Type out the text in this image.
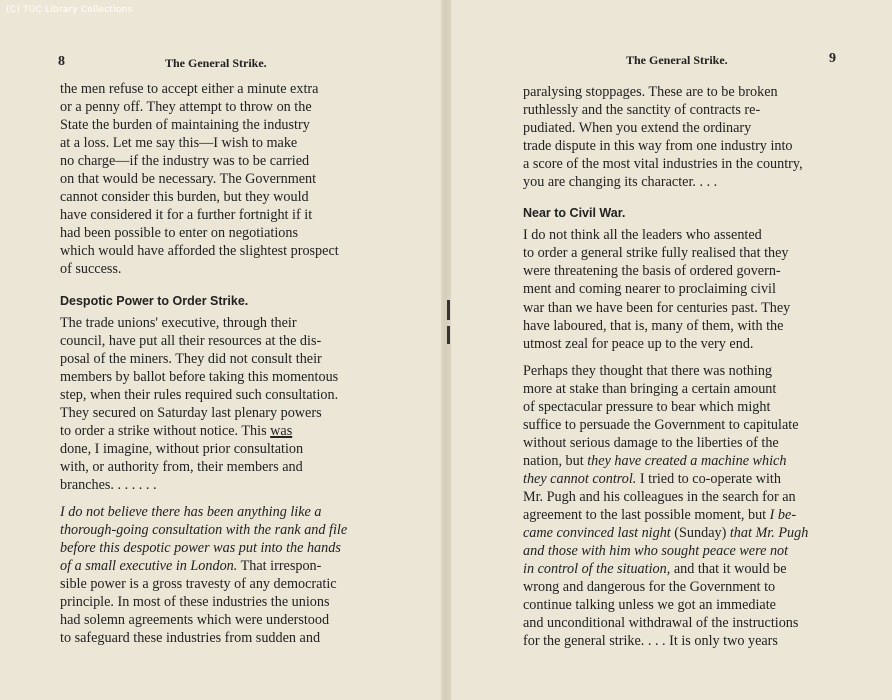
(C) TUC Library Collections
8	The General Strike.

the men refuse to accept either a minute extra

or a penny off. They attempt to throw on the

State the burden of maintaining the industry

at a loss. Let me say this—I wish to make

no charge—if the industry was to be carried

on that would be necessary. The Government

cannot consider this burden, but they would

have considered it for a further fortnight if it

had been possible to enter on negotiations

which would have afforded the slightest prospect

of success.

Despotic Power to Order Strike.

The trade unions' executive, through their

council, have put all their resources at the dis-

posal of the miners. They did not consult their

members by ballot before taking this momentous

step, when their rules required such consultation.

They secured on Saturday last plenary powers

to order a strike without notice. This was

done, I imagine, without prior consultation

with, or authority from, their members and

branches. . . . . . .

I do not believe there has been anything like a

thorough-going consultation with the rank and file

before this despotic power was put into the hands

of a small executive in London. That irrespon-

sible power is a gross travesty of any democratic

principle. In most of these industries the unions

had solemn agreements which were understood

to safeguard these industries from sudden and

The General Strike.	9

paralysing stoppages. These are to be broken

ruthlessly and the sanctity of contracts re-

pudiated. When you extend the ordinary

trade dispute in this way from one industry into

a score of the most vital industries in the country,

you are changing its character. . . .

Near to Civil War.

I do not think all the leaders who assented

to order a general strike fully realised that they

were threatening the basis of ordered govern-

ment and coming nearer to proclaiming civil

war than we have been for centuries past. They

have laboured, that is, many of them, with the

utmost zeal for peace up to the very end.

Perhaps they thought that there was nothing

more at stake than bringing a certain amount

of spectacular pressure to bear which might

suffice to persuade the Government to capitulate

without serious damage to the liberties of the

nation, but they have created a machine which

they cannot control. I tried to co-operate with

Mr. Pugh and his colleagues in the search for an

agreement to the last possible moment, but I be-

came convinced last night (Sunday) that Mr. Pugh

and those with him who sought peace were not

in control of the situation, and that it would be

wrong and dangerous for the Government to

continue talking unless we got an immediate

and unconditional withdrawal of the instructions

for the general strike. . . . It is only two years
